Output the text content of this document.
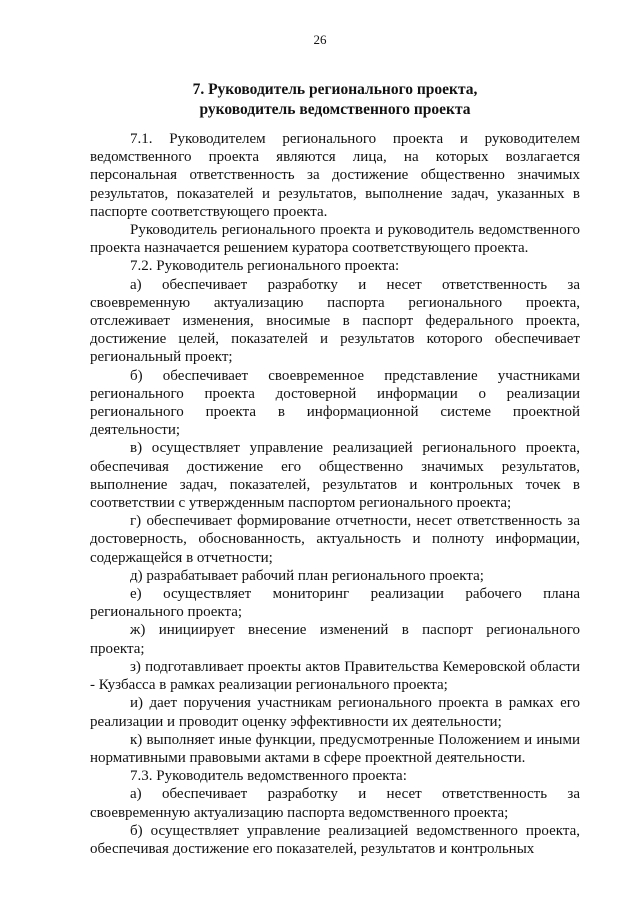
26
7. Руководитель регионального проекта,
руководитель ведомственного проекта

7.1. Руководителем регионального проекта и руководителем ведомственного проекта являются лица, на которых возлагается персональная ответственность за достижение общественно значимых результатов, показателей и результатов, выполнение задач, указанных в паспорте соответствующего проекта.

Руководитель регионального проекта и руководитель ведомственного проекта назначается решением куратора соответствующего проекта.

7.2. Руководитель регионального проекта:

а) обеспечивает разработку и несет ответственность за своевременную актуализацию паспорта регионального проекта, отслеживает изменения, вносимые в паспорт федерального проекта, достижение целей, показателей и результатов которого обеспечивает региональный проект;

б) обеспечивает своевременное представление участниками регионального проекта достоверной информации о реализации регионального проекта в информационной системе проектной деятельности;

в) осуществляет управление реализацией регионального проекта, обеспечивая достижение его общественно значимых результатов, выполнение задач, показателей, результатов и контрольных точек в соответствии с утвержденным паспортом регионального проекта;

г) обеспечивает формирование отчетности, несет ответственность за достоверность, обоснованность, актуальность и полноту информации, содержащейся в отчетности;

д) разрабатывает рабочий план регионального проекта;

е) осуществляет мониторинг реализации рабочего плана регионального проекта;

ж) инициирует внесение изменений в паспорт регионального проекта;

з) подготавливает проекты актов Правительства Кемеровской области - Кузбасса в рамках реализации регионального проекта;

и) дает поручения участникам регионального проекта в рамках его реализации и проводит оценку эффективности их деятельности;

к) выполняет иные функции, предусмотренные Положением и иными нормативными правовыми актами в сфере проектной деятельности.

7.3. Руководитель ведомственного проекта:

а) обеспечивает разработку и несет ответственность за своевременную актуализацию паспорта ведомственного проекта;

б) осуществляет управление реализацией ведомственного проекта, обеспечивая достижение его показателей, результатов и контрольных
